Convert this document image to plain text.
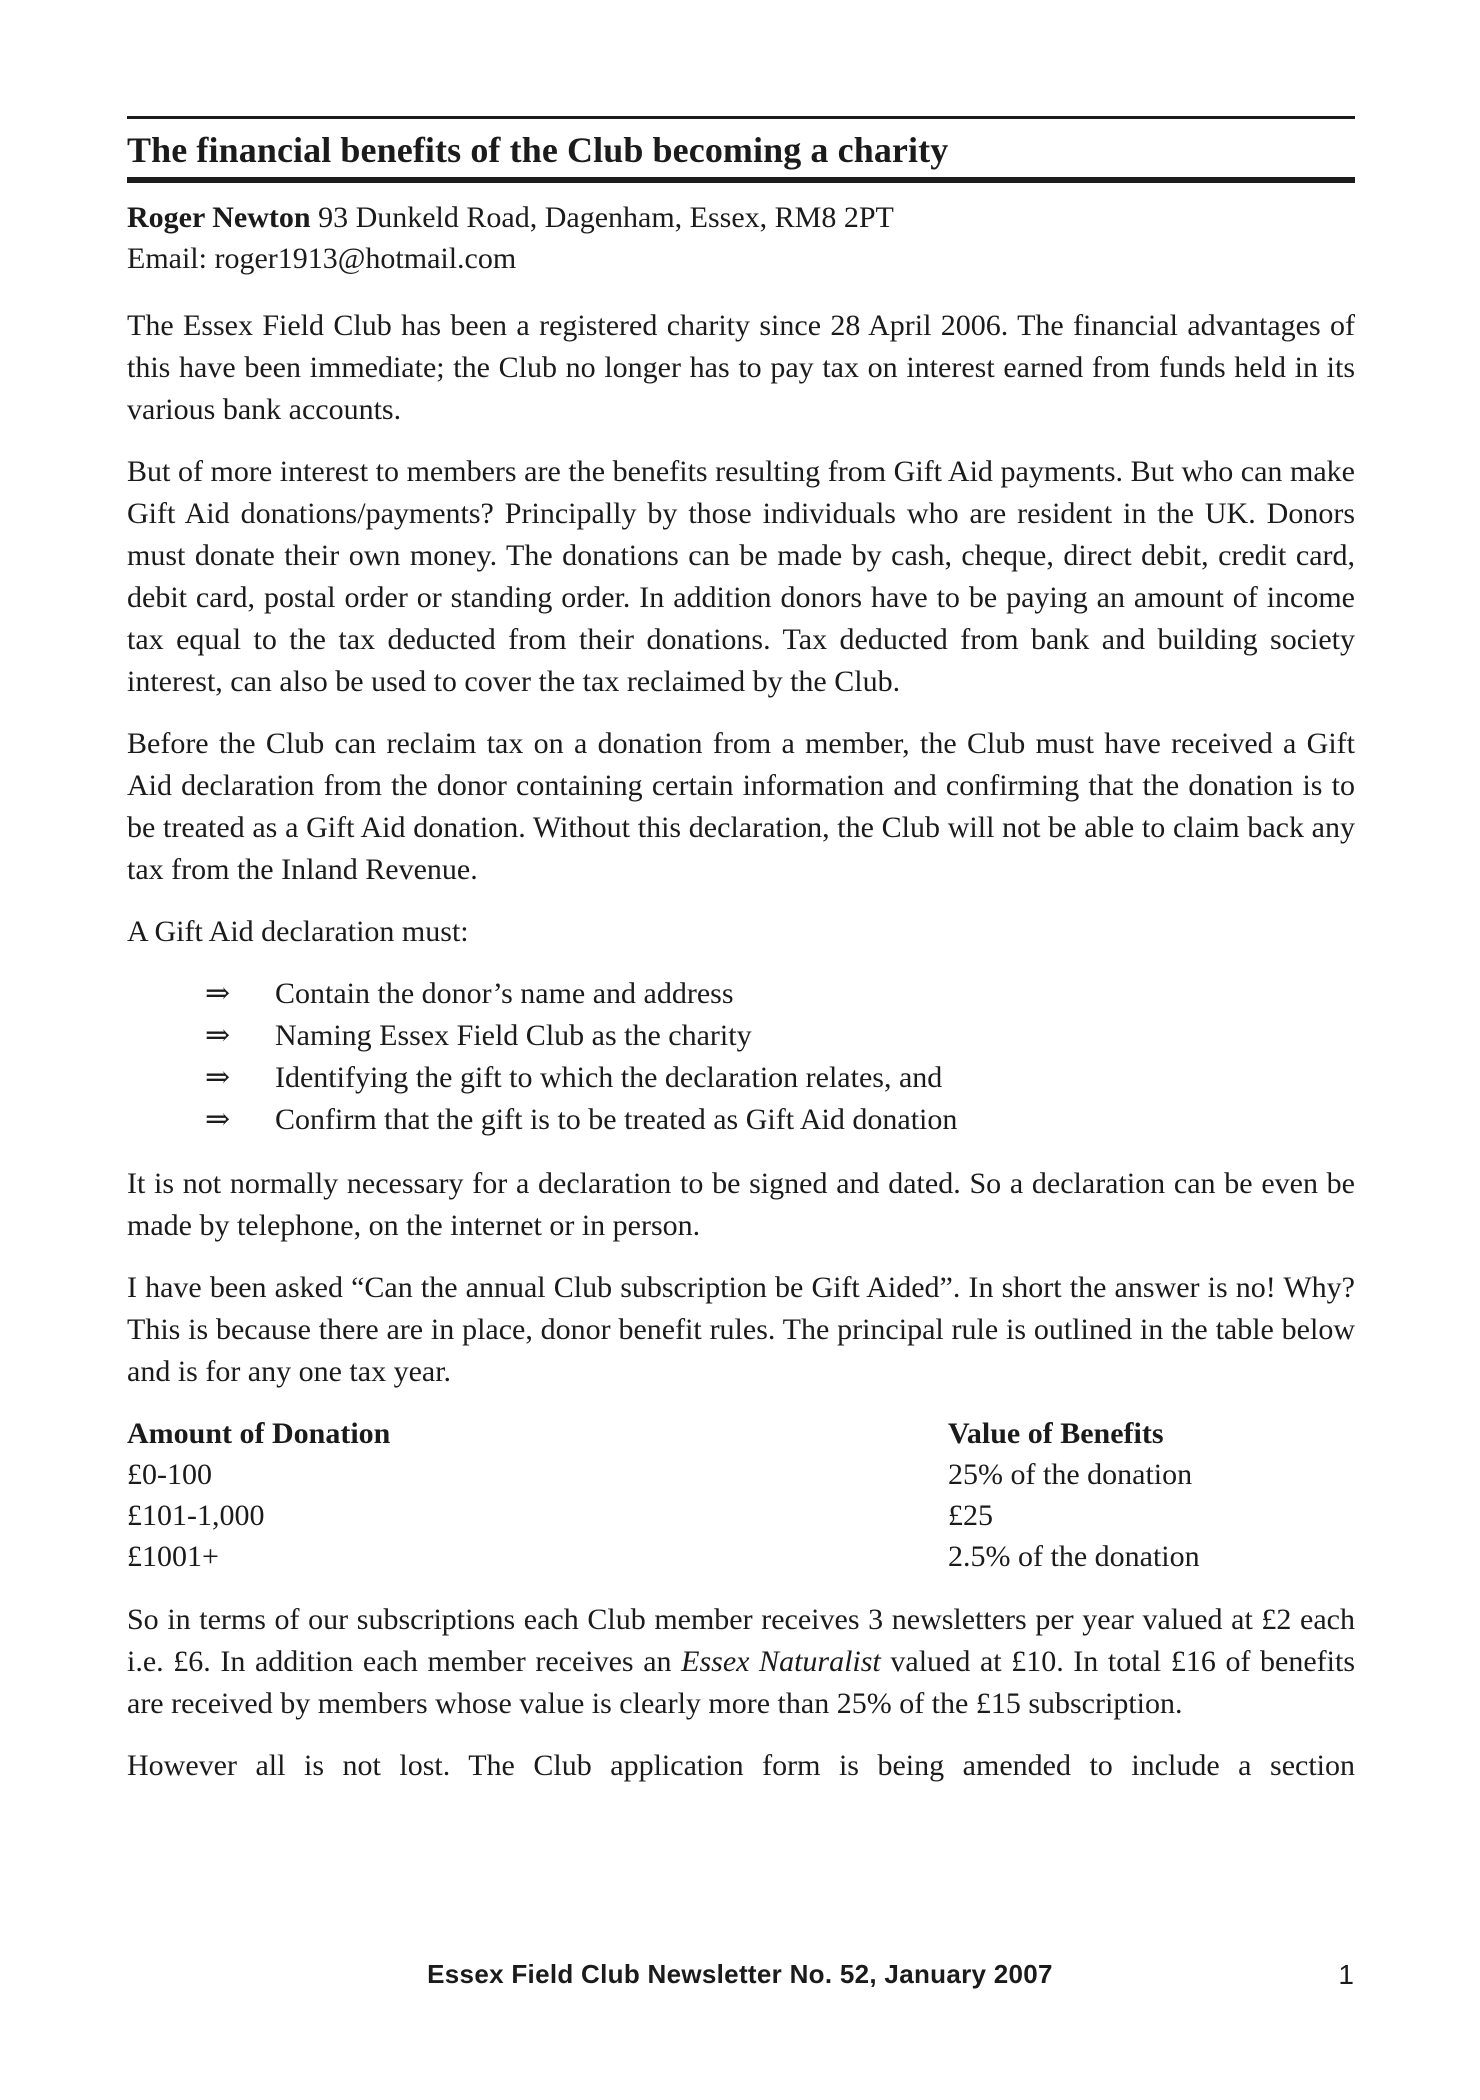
The financial benefits of the Club becoming a charity

Roger Newton 93 Dunkeld Road, Dagenham, Essex, RM8 2PT

Email: roger1913@hotmail.com

The Essex Field Club has been a registered charity since 28 April 2006. The financial advantages of this have been immediate; the Club no longer has to pay tax on interest earned from funds held in its various bank accounts.

But of more interest to members are the benefits resulting from Gift Aid payments. But who can make Gift Aid donations/payments? Principally by those individuals who are resident in the UK. Donors must donate their own money. The donations can be made by cash, cheque, direct debit, credit card, debit card, postal order or standing order. In addition donors have to be paying an amount of income tax equal to the tax deducted from their donations. Tax deducted from bank and building society interest, can also be used to cover the tax reclaimed by the Club.

Before the Club can reclaim tax on a donation from a member, the Club must have received a Gift Aid declaration from the donor containing certain information and confirming that the donation is to be treated as a Gift Aid donation. Without this declaration, the Club will not be able to claim back any tax from the Inland Revenue.

A Gift Aid declaration must:

⇒	Contain the donor’s name and address
⇒	Naming Essex Field Club as the charity
⇒	Identifying the gift to which the declaration relates, and
⇒	Confirm that the gift is to be treated as Gift Aid donation

It is not normally necessary for a declaration to be signed and dated. So a declaration can be even be made by telephone, on the internet or in person.

I have been asked “Can the annual Club subscription be Gift Aided”. In short the answer is no! Why? This is because there are in place, donor benefit rules. The principal rule is outlined in the table below and is for any one tax year.

Amount of Donation	Value of Benefits
£0-100	25% of the donation
£101-1,000	£25
£1001+	2.5% of the donation

So in terms of our subscriptions each Club member receives 3 newsletters per year valued at £2 each i.e. £6. In addition each member receives an Essex Naturalist valued at £10. In total £16 of benefits are received by members whose value is clearly more than 25% of the £15 subscription.

However all is not lost. The Club application form is being amended to include a section

Essex Field Club Newsletter No. 52, January 2007	1
